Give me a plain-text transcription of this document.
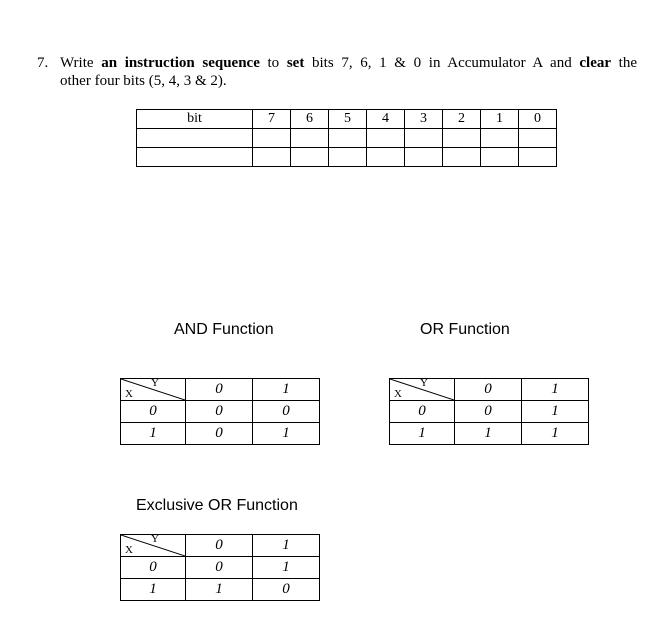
7. Write an instruction sequence to set bits 7, 6, 1 & 0 in Accumulator A and clear the
other four bits (5, 4, 3 & 2).
bit	7	6	5	4	3	2	1	0

AND Function
X
Y	0	1
0	0	0
1	0	1
OR Function
X
Y	0	1
0	0	1
1	1	1
Exclusive OR Function
X
Y	0	1
0	0	1
1	1	0
